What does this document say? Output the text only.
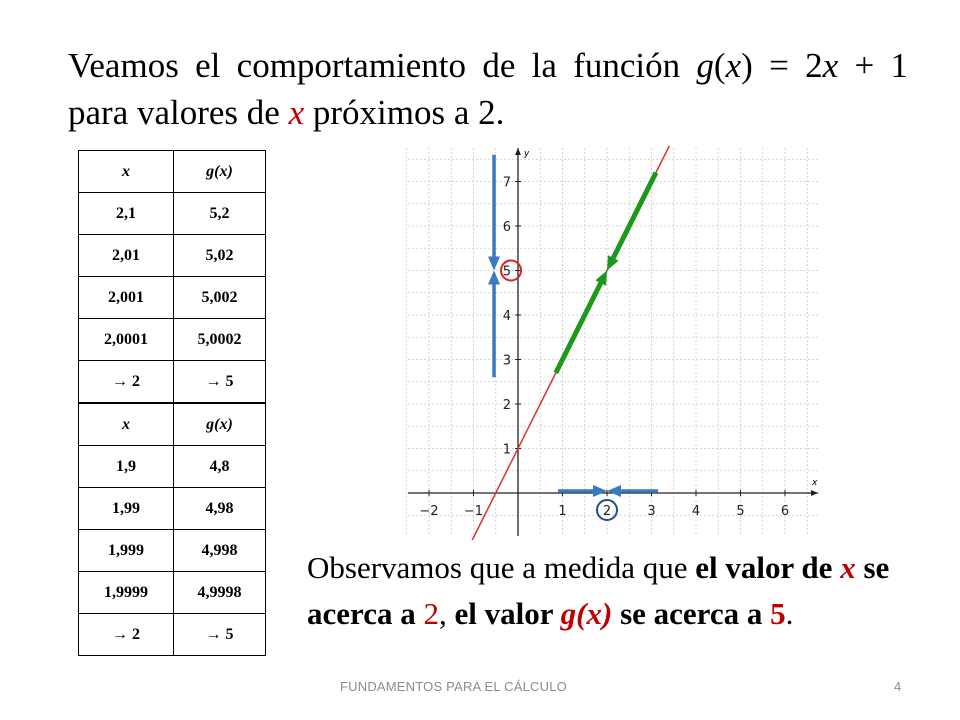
Veamos el comportamiento de la función g(x) = 2x + 1
para valores de x próximos a 2.

x	g(x)
2,1	5,2
2,01	5,02
2,001	5,002
2,0001	5,0002
→ 2	→ 5
x	g(x)
1,9	4,8
1,99	4,98
1,999	4,998
1,9999	4,9998
→ 2	→ 5
x
y
−2 −1	1	2	3	4	5	6
1
2
3
4
5
6
7

Observamos que a medida que el valor de x se acerca a 2, el valor g(x) se acerca a 5.

FUNDAMENTOS PARA EL CÁLCULO	4
